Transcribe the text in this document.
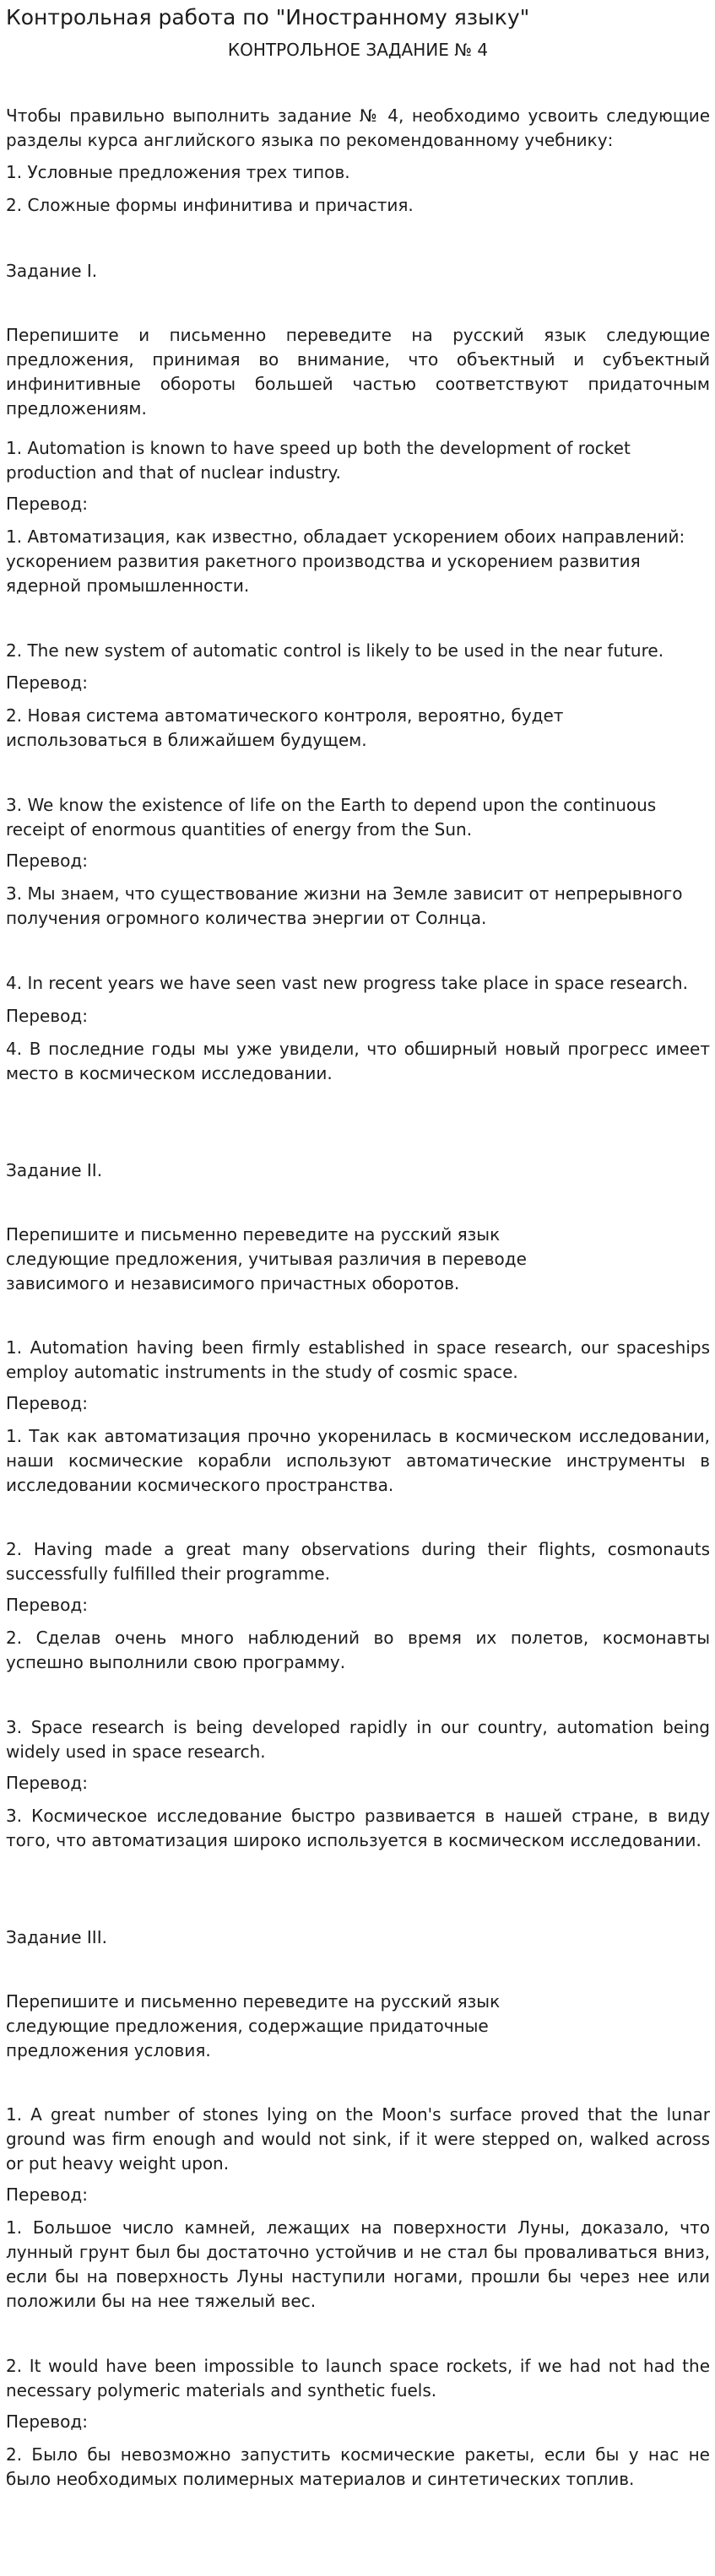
Контрольная работа по "Иностранному языку"
КОНТРОЛЬНОЕ ЗАДАНИЕ № 4
Чтобы правильно выполнить задание № 4, необходимо усвоить следующие разделы курса английского языка по рекомендованному учебнику:
1. Условные предложения трех типов.
2. Сложные формы инфинитива и причастия.
Задание I.
Перепишите и письменно переведите на русский язык следующие предложения, принимая во внимание, что объектный и субъектный инфинитивные обороты большей частью соответствуют придаточным предложениям.
1. Automation is known to have speed up both the development of rocket production and that of nuclear industry.
Перевод:
1. Автоматизация, как известно, обладает ускорением обоих направлений: ускорением развития ракетного производства и ускорением развития ядерной промышленности.
2. The new system of automatic control is likely to be used in the near future.
Перевод:
2. Новая система автоматического контроля, вероятно, будет использоваться в ближайшем будущем.
3. We know the existence of life on the Earth to depend upon the continuous receipt of enormous quantities of energy from the Sun.
Перевод:
3. Мы знаем, что существование жизни на Земле зависит от непрерывного получения огромного количества энергии от Солнца.
4. In recent years we have seen vast new progress take place in space research.
Перевод:
4. В последние годы мы уже увидели, что обширный новый прогресс имеет место в космическом исследовании.
Задание II.
Перепишите и письменно переведите на русский язык
следующие предложения, учитывая различия в переводе
зависимого и независимого причастных оборотов.
1. Automation having been firmly established in space research, our spaceships employ automatic instruments in the study of cosmic space.
Перевод:
1. Так как автоматизация прочно укоренилась в космическом исследовании, наши космические корабли используют автоматические инструменты в исследовании космического пространства.
2. Having made a great many observations during their flights, cosmonauts successfully fulfilled their programme.
Перевод:
2. Сделав очень много наблюдений во время их полетов, космонавты успешно выполнили свою программу.
3. Space research is being developed rapidly in our country, automation being widely used in space research.
Перевод:
3. Космическое исследование быстро развивается в нашей стране, в виду того, что автоматизация широко используется в космическом исследовании.
Задание III.
Перепишите и письменно переведите на русский язык
следующие предложения, содержащие придаточные
предложения условия.
1. A great number of stones lying on the Moon's surface proved that the lunar ground was firm enough and would not sink, if it were stepped on, walked across or put heavy weight upon.
Перевод:
1. Большое число камней, лежащих на поверхности Луны, доказало, что лунный грунт был бы достаточно устойчив и не стал бы проваливаться вниз, если бы на поверхность Луны наступили ногами, прошли бы через нее или положили бы на нее тяжелый вес.
2. It would have been impossible to launch space rockets, if we had not had the necessary polymeric materials and synthetic fuels.
Перевод:
2. Было бы невозможно запустить космические ракеты, если бы у нас не было необходимых полимерных материалов и синтетических топлив.
